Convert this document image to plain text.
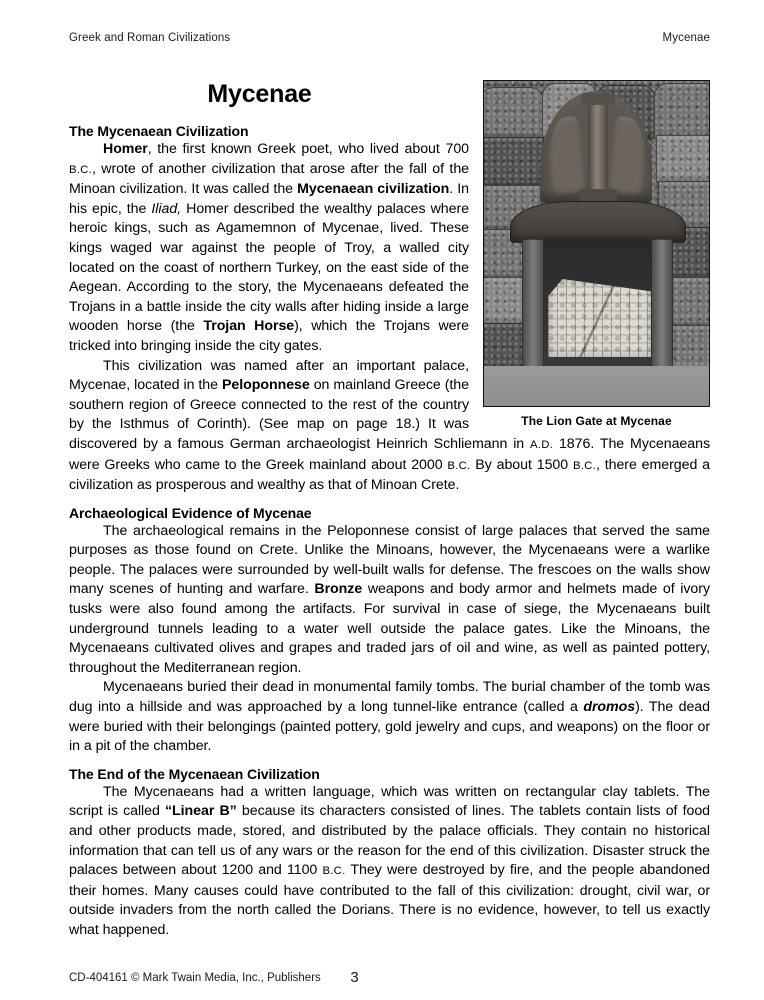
Greek and Roman Civilizations	Mycenae
The Lion Gate at Mycenae
Mycenae
The Mycenaean Civilization

Homer, the first known Greek poet, who lived about 700 B.C., wrote of another civilization that arose after the fall of the Minoan civilization. It was called the Mycenaean civilization. In his epic, the Iliad, Homer described the wealthy palaces where heroic kings, such as Agamemnon of Mycenae, lived. These kings waged war against the people of Troy, a walled city located on the coast of northern Turkey, on the east side of the Aegean. According to the story, the Mycenaeans defeated the Trojans in a battle inside the city walls after hiding inside a large wooden horse (the Trojan Horse), which the Trojans were tricked into bringing inside the city gates.

This civilization was named after an important palace, Mycenae, located in the Peloponnese on mainland Greece (the southern region of Greece connected to the rest of the country by the Isthmus of Corinth). (See map on page 18.) It was discovered by a famous German archaeologist Heinrich Schliemann in A.D. 1876. The Mycenaeans were Greeks who came to the Greek mainland about 2000 B.C. By about 1500 B.C., there emerged a civilization as prosperous and wealthy as that of Minoan Crete.

Archaeological Evidence of Mycenae

The archaeological remains in the Peloponnese consist of large palaces that served the same purposes as those found on Crete. Unlike the Minoans, however, the Mycenaeans were a warlike people. The palaces were surrounded by well-built walls for defense. The frescoes on the walls show many scenes of hunting and warfare. Bronze weapons and body armor and helmets made of ivory tusks were also found among the artifacts. For survival in case of siege, the Mycenaeans built underground tunnels leading to a water well outside the palace gates. Like the Minoans, the Mycenaeans cultivated olives and grapes and traded jars of oil and wine, as well as painted pottery, throughout the Mediterranean region.

Mycenaeans buried their dead in monumental family tombs. The burial chamber of the tomb was dug into a hillside and was approached by a long tunnel-like entrance (called a dromos). The dead were buried with their belongings (painted pottery, gold jewelry and cups, and weapons) on the floor or in a pit of the chamber.

The End of the Mycenaean Civilization

The Mycenaeans had a written language, which was written on rectangular clay tablets. The script is called “Linear B” because its characters consisted of lines. The tablets contain lists of food and other products made, stored, and distributed by the palace officials. They contain no historical information that can tell us of any wars or the reason for the end of this civilization. Disaster struck the palaces between about 1200 and 1100 B.C. They were destroyed by fire, and the people abandoned their homes. Many causes could have contributed to the fall of this civilization: drought, civil war, or outside invaders from the north called the Dorians. There is no evidence, however, to tell us exactly what happened.

CD-404161 © Mark Twain Media, Inc., Publishers	3
